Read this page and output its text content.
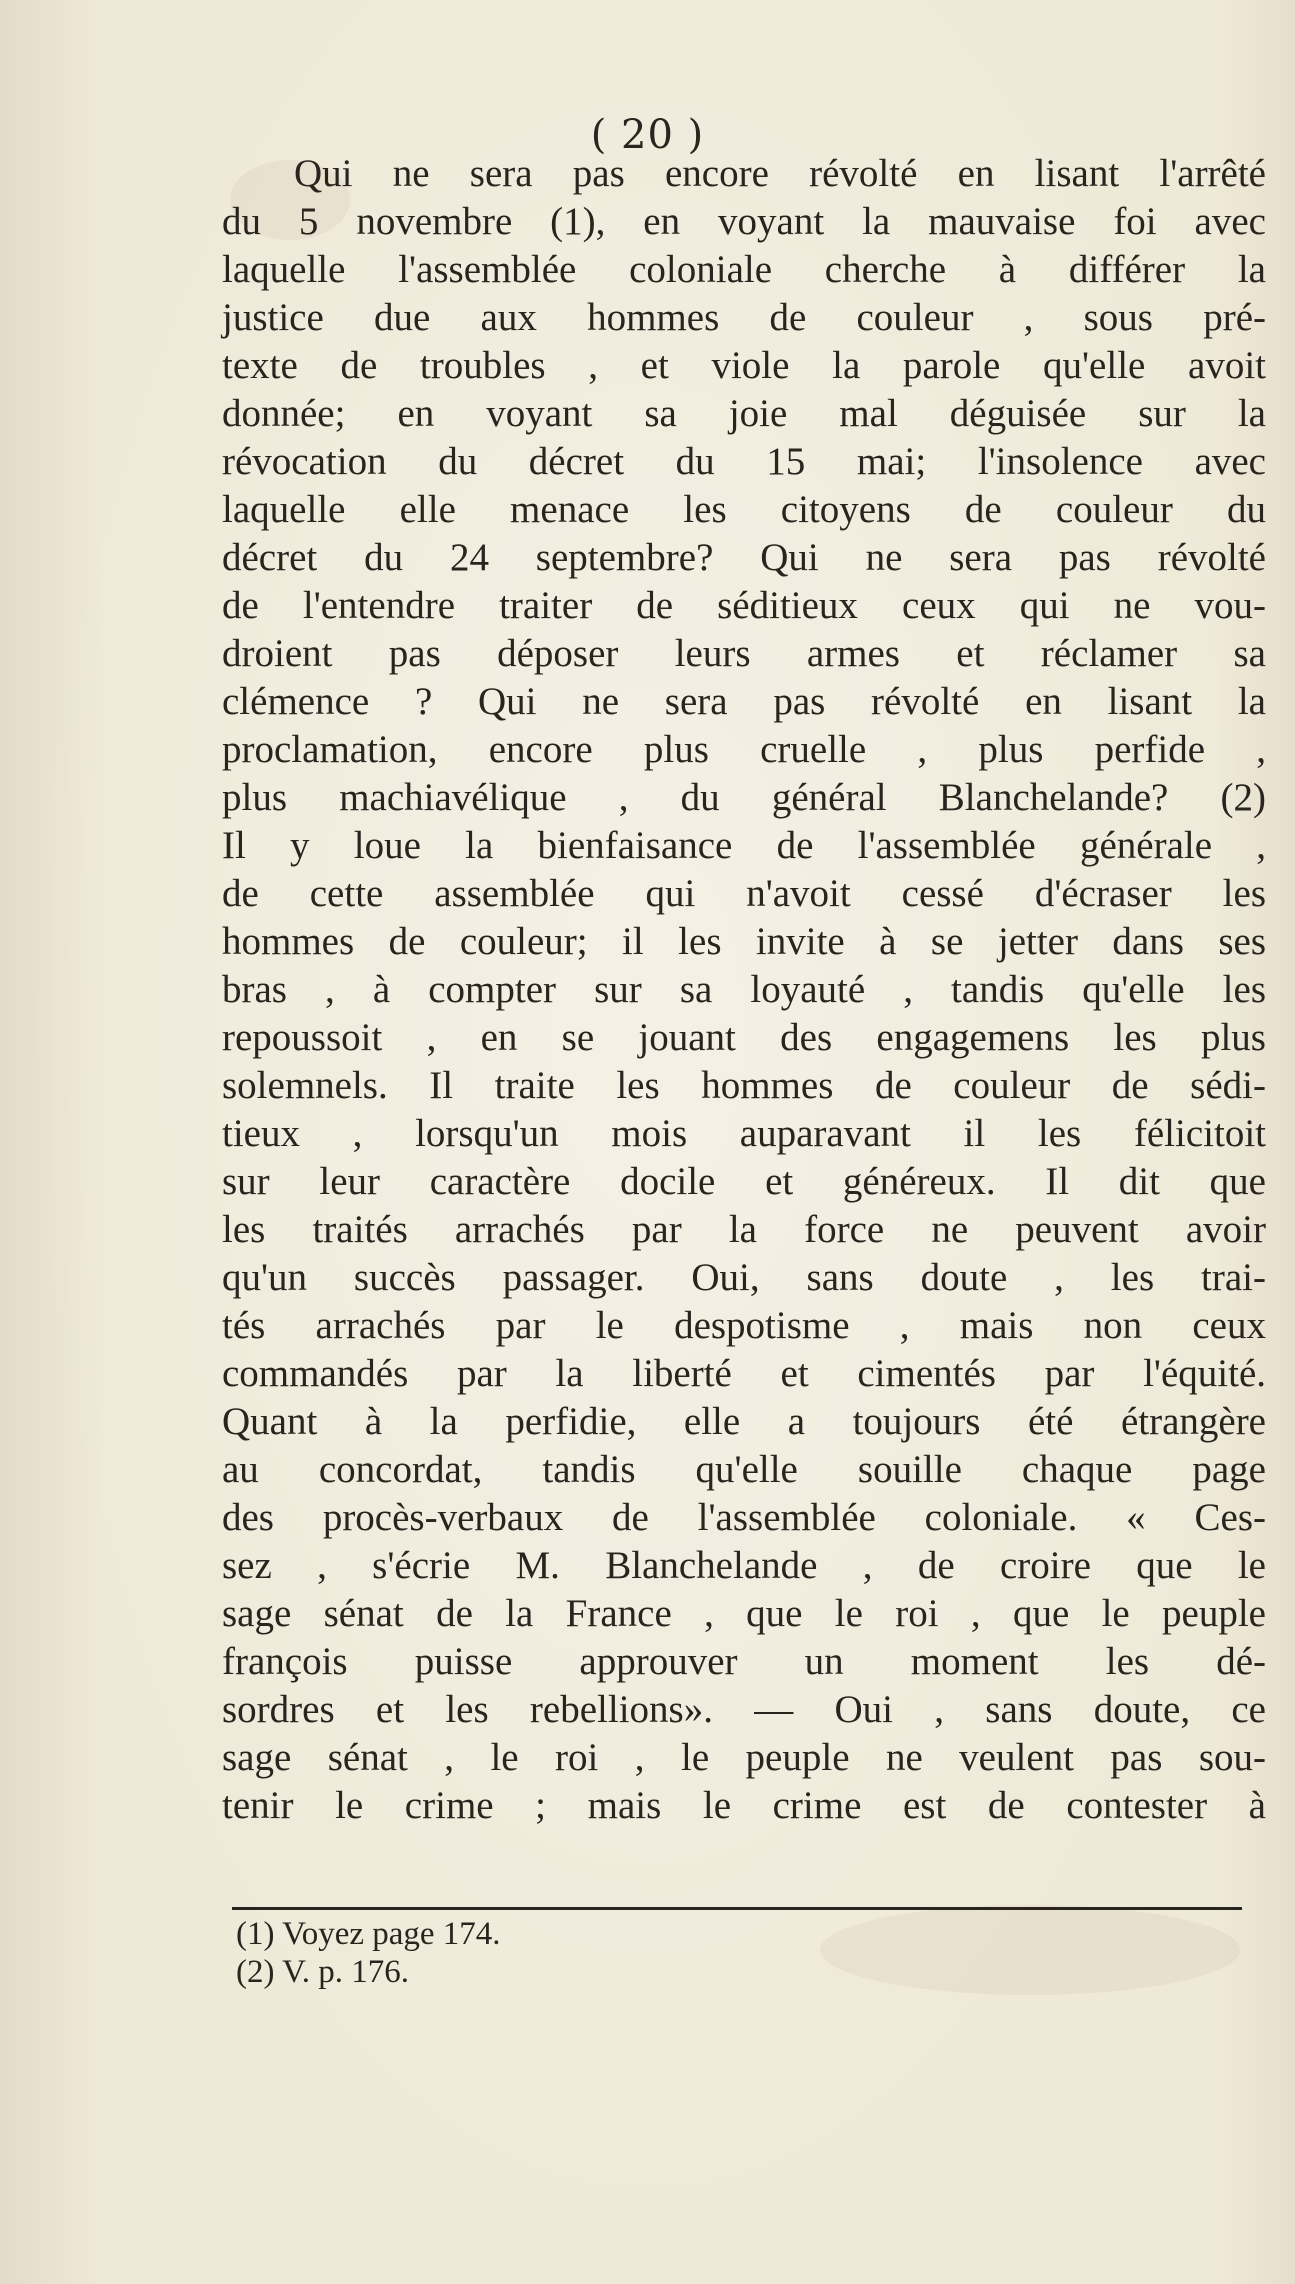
( 20 )
Qui ne sera pas encore révolté en lisant l'arrêté
du 5 novembre (1), en voyant la mauvaise foi avec
laquelle l'assemblée coloniale cherche à différer la
justice due aux hommes de couleur , sous pré-
texte de troubles , et viole la parole qu'elle avoit
donnée; en voyant sa joie mal déguisée sur la
révocation du décret du 15 mai; l'insolence avec
laquelle elle menace les citoyens de couleur du
décret du 24 septembre? Qui ne sera pas révolté
de l'entendre traiter de séditieux ceux qui ne vou-
droient pas déposer leurs armes et réclamer sa
clémence ? Qui ne sera pas révolté en lisant la
proclamation, encore plus cruelle , plus perfide ,
plus machiavélique , du général Blanchelande? (2)
Il y loue la bienfaisance de l'assemblée générale ,
de cette assemblée qui n'avoit cessé d'écraser les
hommes de couleur; il les invite à se jetter dans ses
bras , à compter sur sa loyauté , tandis qu'elle les
repoussoit , en se jouant des engagemens les plus
solemnels. Il traite les hommes de couleur de sédi-
tieux , lorsqu'un mois auparavant il les félicitoit
sur leur caractère docile et généreux. Il dit que
les traités arrachés par la force ne peuvent avoir
qu'un succès passager. Oui, sans doute , les trai-
tés arrachés par le despotisme , mais non ceux
commandés par la liberté et cimentés par l'équité.
Quant à la perfidie, elle a toujours été étrangère
au concordat, tandis qu'elle souille chaque page
des procès-verbaux de l'assemblée coloniale. « Ces-
sez , s'écrie M. Blanchelande , de croire que le
sage sénat de la France , que le roi , que le peuple
françois puisse approuver un moment les dé-
sordres et les rebellions». — Oui , sans doute, ce
sage sénat , le roi , le peuple ne veulent pas sou-
tenir le crime ; mais le crime est de contester à
(1) Voyez page 174.
(2) V. p. 176.
